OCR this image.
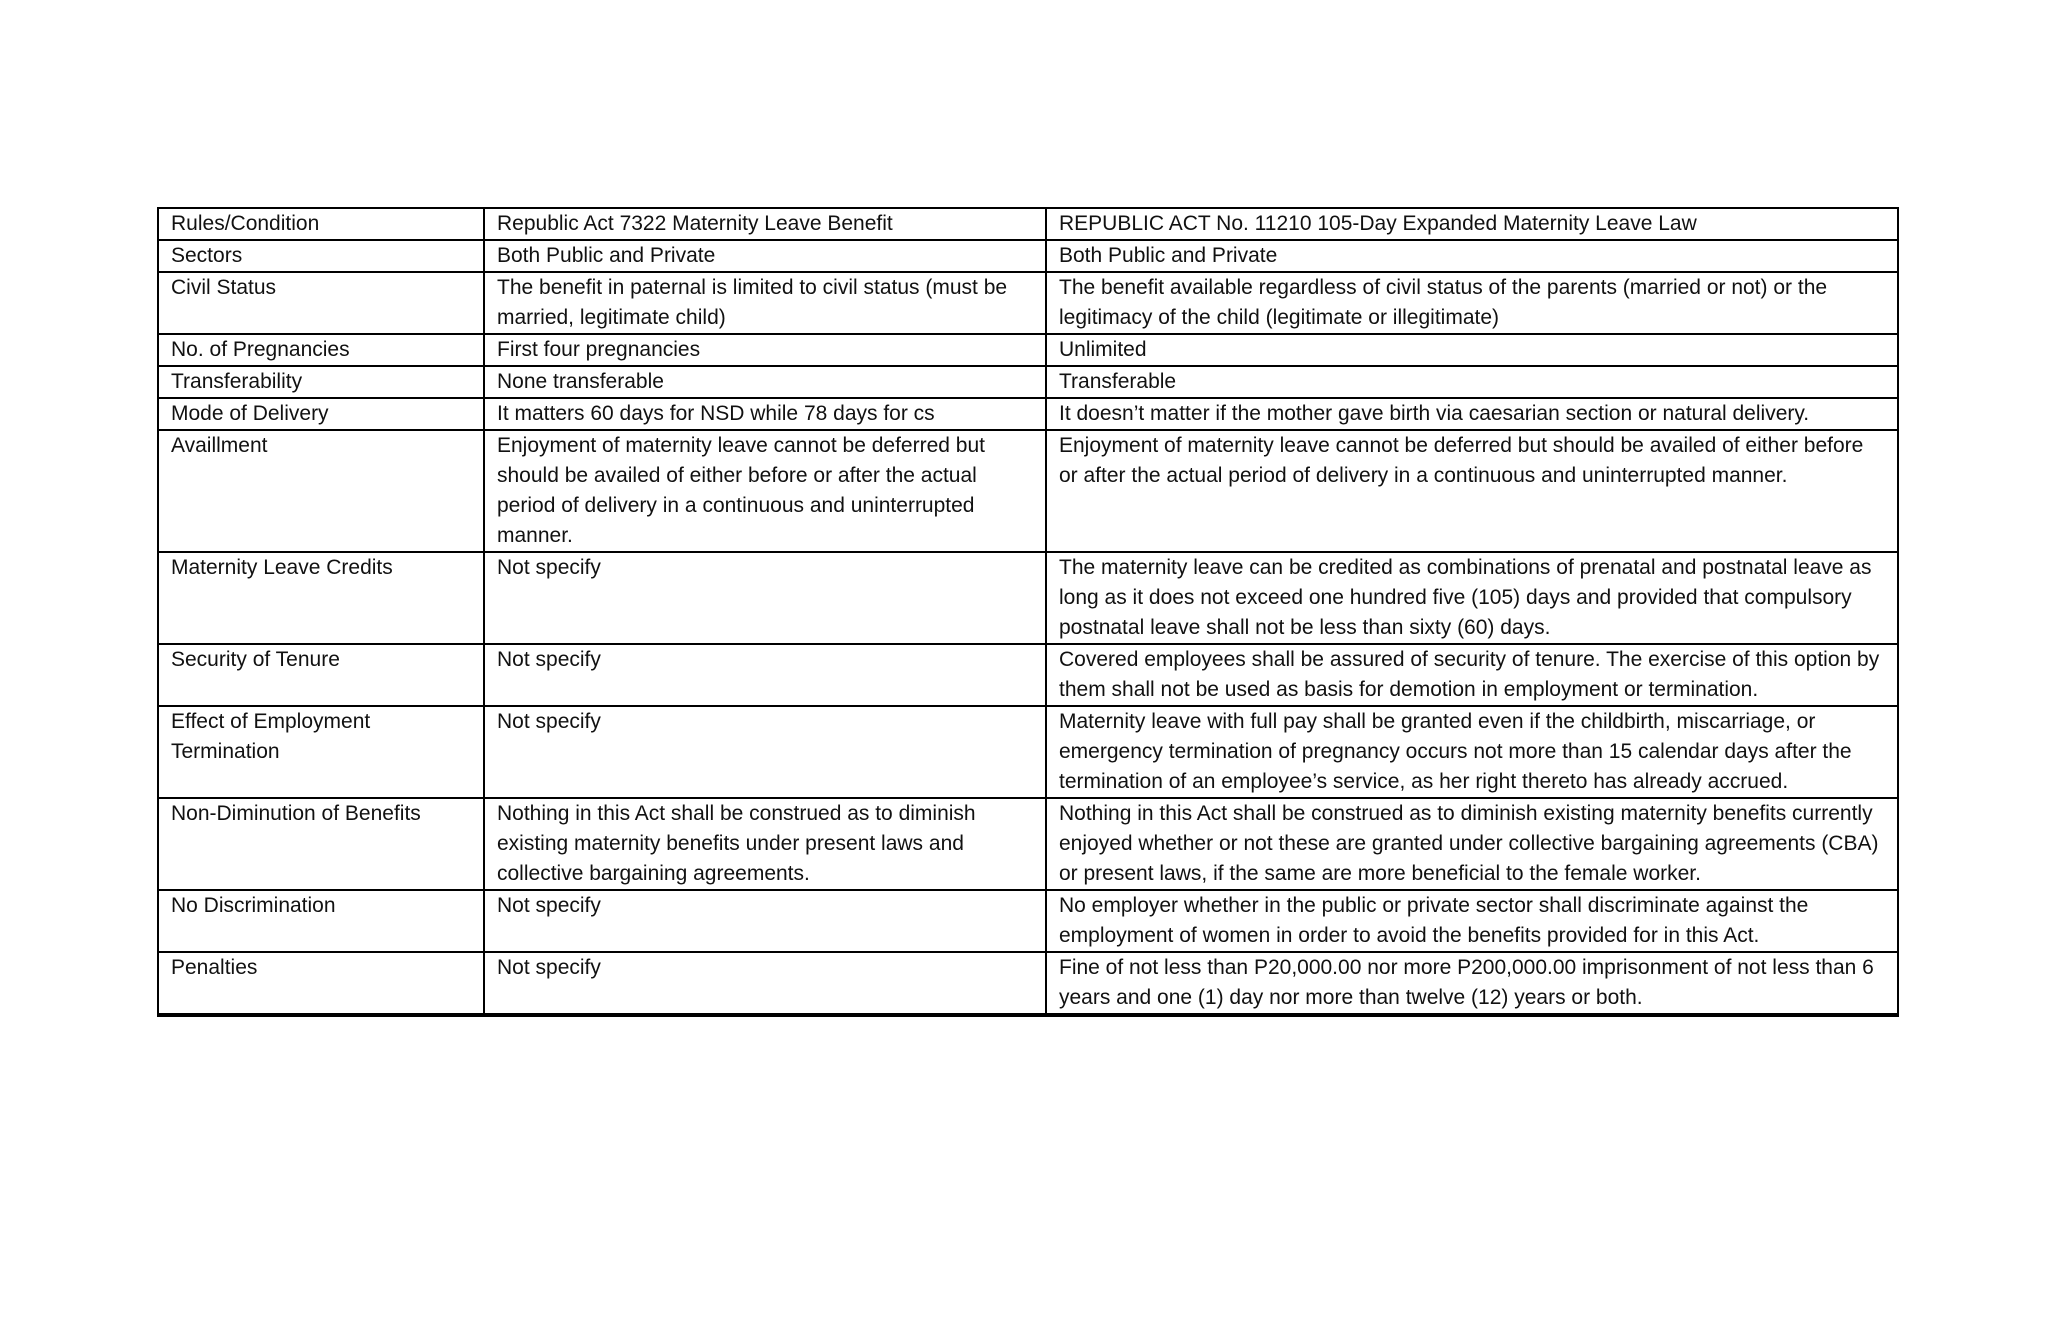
Rules/Condition	Republic Act 7322 Maternity Leave Benefit	REPUBLIC ACT No. 11210 105-Day Expanded Maternity Leave Law
Sectors	Both Public and Private	Both Public and Private
Civil Status	The benefit in paternal is limited to civil status (must be married, legitimate child)	The benefit available regardless of civil status of the parents (married or not) or the legitimacy of the child (legitimate or illegitimate)
No. of Pregnancies	First four pregnancies	Unlimited
Transferability	None transferable	Transferable
Mode of Delivery	It matters 60 days for NSD while 78 days for cs	It doesn’t matter if the mother gave birth via caesarian section or natural delivery.
Availlment	Enjoyment of maternity leave cannot be deferred but should be availed of either before or after the actual period of delivery in a continuous and uninterrupted manner.	Enjoyment of maternity leave cannot be deferred but should be availed of either before or after the actual period of delivery in a continuous and uninterrupted manner.
Maternity Leave Credits	Not specify	The maternity leave can be credited as combinations of prenatal and postnatal leave as long as it does not exceed one hundred five (105) days and provided that compulsory postnatal leave shall not be less than sixty (60) days.
Security of Tenure	Not specify	Covered employees shall be assured of security of tenure. The exercise of this option by them shall not be used as basis for demotion in employment or termination.
Effect of Employment Termination	Not specify	Maternity leave with full pay shall be granted even if the childbirth, miscarriage, or emergency termination of pregnancy occurs not more than 15 calendar days after the termination of an employee’s service, as her right thereto has already accrued.
Non-Diminution of Benefits	Nothing in this Act shall be construed as to diminish existing maternity benefits under present laws and collective bargaining agreements.	Nothing in this Act shall be construed as to diminish existing maternity benefits currently enjoyed whether or not these are granted under collective bargaining agreements (CBA) or present laws, if the same are more beneficial to the female worker.
No Discrimination	Not specify	No employer whether in the public or private sector shall discriminate against the employment of women in order to avoid the benefits provided for in this Act.
Penalties	Not specify	Fine of not less than P20,000.00 nor more P200,000.00 imprisonment of not less than 6 years and one (1) day nor more than twelve (12) years or both.
